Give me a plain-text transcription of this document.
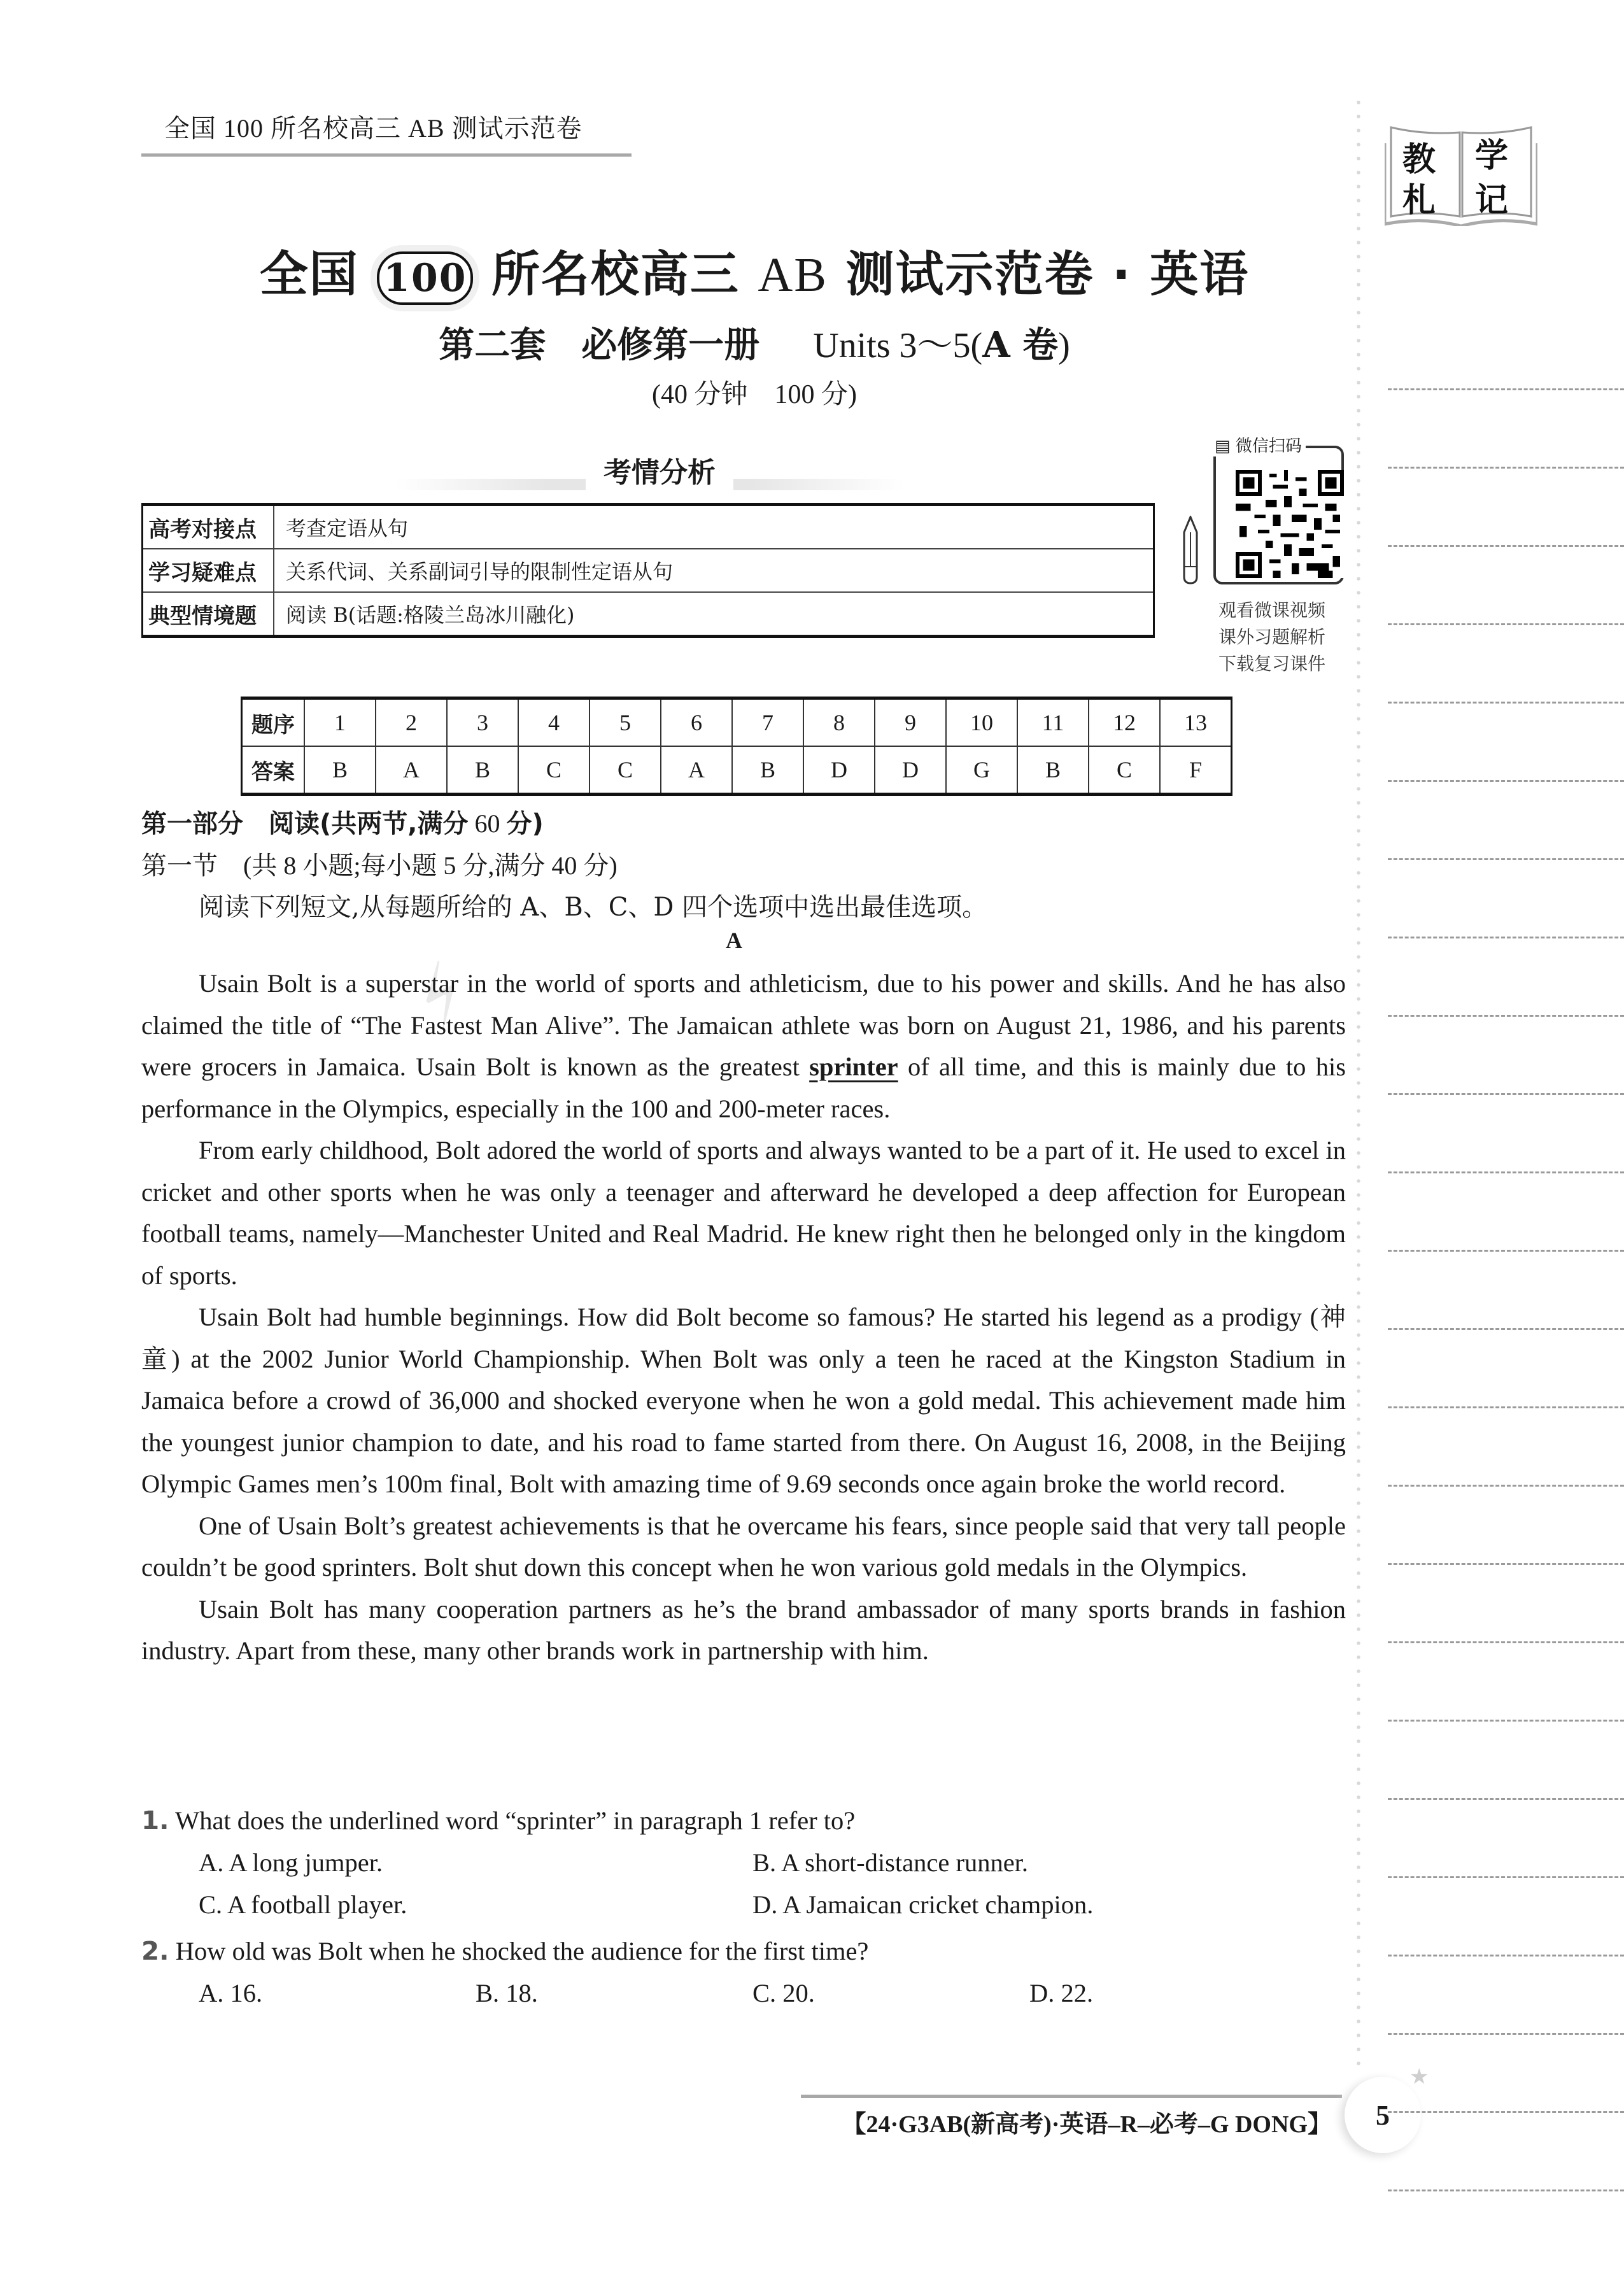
全国 100 所名校高三 AB 测试示范卷
教 学
札 记
全国 100 所名校高三 AB 测试示范卷 · 英语
第二套　必修第一册 　 Units 3～5(A 卷)
(40 分钟　100 分)
考情分析
高考对接点	考查定语从句
学习疑难点	关系代词、关系副词引导的限制性定语从句
典型情境题	阅读 B(话题:格陵兰岛冰川融化)
▤ 微信扫码
观看微课视频
课外习题解析
下载复习课件
题序	1	2	3	4	5	6	7	8	9	10	11	12	13
答案	B	A	B	C	C	A	B	D	D	G	B	C	F
⚡
第一部分　阅读(共两节,满分 60 分)
第一节　(共 8 小题;每小题 5 分,满分 40 分)
阅读下列短文,从每题所给的 A、B、C、D 四个选项中选出最佳选项。
A

Usain Bolt is a superstar in the world of sports and athleticism, due to his power and skills. And he has also claimed the title of “The Fastest Man Alive”. The Jamaican athlete was born on August 21, 1986, and his parents were grocers in Jamaica. Usain Bolt is known as the greatest sprinter of all time, and this is mainly due to his performance in the Olympics, especially in the 100 and 200-meter races.

From early childhood, Bolt adored the world of sports and always wanted to be a part of it. He used to excel in cricket and other sports when he was only a teenager and afterward he developed a deep affection for European football teams, namely—Manchester United and Real Madrid. He knew right then he belonged only in the kingdom of sports.

Usain Bolt had humble beginnings. How did Bolt become so famous? He started his legend as a prodigy (神童) at the 2002 Junior World Championship. When Bolt was only a teen he raced at the Kingston Stadium in Jamaica before a crowd of 36,000 and shocked everyone when he won a gold medal. This achievement made him the youngest junior champion to date, and his road to fame started from there. On August 16, 2008, in the Beijing Olympic Games men’s 100m final, Bolt with amazing time of 9.69 seconds once again broke the world record.

One of Usain Bolt’s greatest achievements is that he overcame his fears, since people said that very tall people couldn’t be good sprinters. Bolt shut down this concept when he won various gold medals in the Olympics.

Usain Bolt has many cooperation partners as he’s the brand ambassador of many sports brands in fashion industry. Apart from these, many other brands work in partnership with him.

1. What does the underlined word “sprinter” in paragraph 1 refer to?
A. A long jumper.	B. A short-distance runner.
C. A football player.	D. A Jamaican cricket champion.
2. How old was Bolt when he shocked the audience for the first time?
A. 16.	B. 18.	C. 20.	D. 22.
【24·G3AB(新高考)·英语–R–必考–G DONG】	5
★
